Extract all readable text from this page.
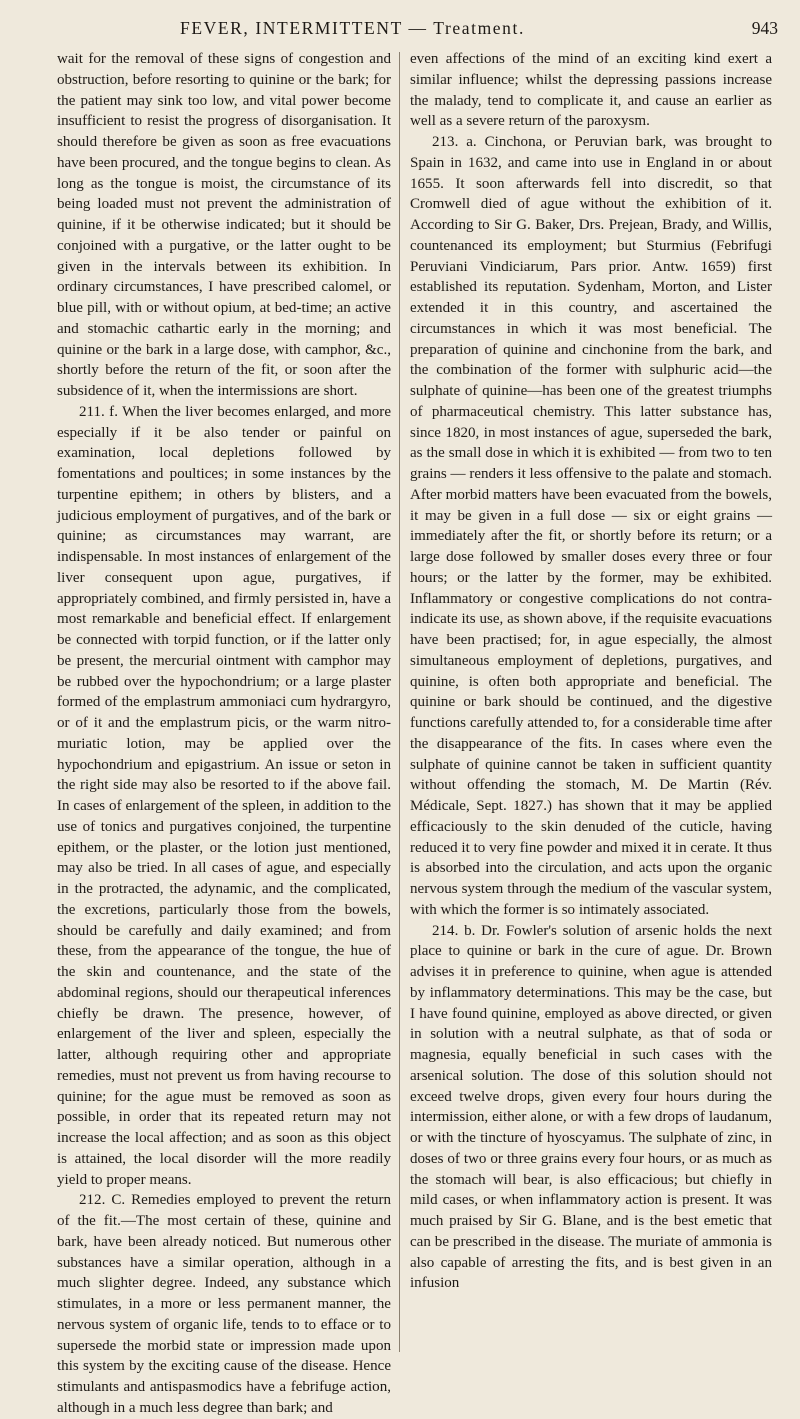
FEVER, INTERMITTENT — Treatment.	943

wait for the removal of these signs of congestion and obstruction, before resorting to quinine or the bark; for the patient may sink too low, and vital power become insufficient to resist the progress of disorganisation. It should therefore be given as soon as free evacuations have been procured, and the tongue begins to clean. As long as the tongue is moist, the circumstance of its being loaded must not prevent the administration of quinine, if it be otherwise indicated; but it should be conjoined with a purgative, or the latter ought to be given in the intervals between its exhibition. In ordinary circumstances, I have prescribed calomel, or blue pill, with or without opium, at bed-time; an active and stomachic cathartic early in the morning; and quinine or the bark in a large dose, with camphor, &c., shortly before the return of the fit, or soon after the subsidence of it, when the intermissions are short.

211. f. When the liver becomes enlarged, and more especially if it be also tender or painful on examination, local depletions followed by fomentations and poultices; in some instances by the turpentine epithem; in others by blisters, and a judicious employment of purgatives, and of the bark or quinine; as circumstances may warrant, are indispensable. In most instances of enlargement of the liver consequent upon ague, purgatives, if appropriately combined, and firmly persisted in, have a most remarkable and beneficial effect. If enlargement be connected with torpid function, or if the latter only be present, the mercurial ointment with camphor may be rubbed over the hypochondrium; or a large plaster formed of the emplastrum ammoniaci cum hydrargyro, or of it and the emplastrum picis, or the warm nitro-muriatic lotion, may be applied over the hypochondrium and epigastrium. An issue or seton in the right side may also be resorted to if the above fail. In cases of enlargement of the spleen, in addition to the use of tonics and purgatives conjoined, the turpentine epithem, or the plaster, or the lotion just mentioned, may also be tried. In all cases of ague, and especially in the protracted, the adynamic, and the complicated, the excretions, particularly those from the bowels, should be carefully and daily examined; and from these, from the appearance of the tongue, the hue of the skin and countenance, and the state of the abdominal regions, should our therapeutical inferences chiefly be drawn. The presence, however, of enlargement of the liver and spleen, especially the latter, although requiring other and appropriate remedies, must not prevent us from having recourse to quinine; for the ague must be removed as soon as possible, in order that its repeated return may not increase the local affection; and as soon as this object is attained, the local disorder will the more readily yield to proper means.

212. C. Remedies employed to prevent the return of the fit.—The most certain of these, quinine and bark, have been already noticed. But numerous other substances have a similar operation, although in a much slighter degree. Indeed, any substance which stimulates, in a more or less permanent manner, the nervous system of organic life, tends to to efface or to supersede the morbid state or impression made upon this system by the exciting cause of the disease. Hence stimulants and antispasmodics have a febrifuge action, although in a much less degree than bark; and

even affections of the mind of an exciting kind exert a similar influence; whilst the depressing passions increase the malady, tend to complicate it, and cause an earlier as well as a severe return of the paroxysm.

213. a. Cinchona, or Peruvian bark, was brought to Spain in 1632, and came into use in England in or about 1655. It soon afterwards fell into discredit, so that Cromwell died of ague without the exhibition of it. According to Sir G. Baker, Drs. Prejean, Brady, and Willis, countenanced its employment; but Sturmius (Febrifugi Peruviani Vindiciarum, Pars prior. Antw. 1659) first established its reputation. Sydenham, Morton, and Lister extended it in this country, and ascertained the circumstances in which it was most beneficial. The preparation of quinine and cinchonine from the bark, and the combination of the former with sulphuric acid—the sulphate of quinine—has been one of the greatest triumphs of pharmaceutical chemistry. This latter substance has, since 1820, in most instances of ague, superseded the bark, as the small dose in which it is exhibited — from two to ten grains — renders it less offensive to the palate and stomach. After morbid matters have been evacuated from the bowels, it may be given in a full dose — six or eight grains — immediately after the fit, or shortly before its return; or a large dose followed by smaller doses every three or four hours; or the latter by the former, may be exhibited. Inflammatory or congestive complications do not contra-indicate its use, as shown above, if the requisite evacuations have been practised; for, in ague especially, the almost simultaneous employment of depletions, purgatives, and quinine, is often both appropriate and beneficial. The quinine or bark should be continued, and the digestive functions carefully attended to, for a considerable time after the disappearance of the fits. In cases where even the sulphate of quinine cannot be taken in sufficient quantity without offending the stomach, M. De Martin (Rév. Médicale, Sept. 1827.) has shown that it may be applied efficaciously to the skin denuded of the cuticle, having reduced it to very fine powder and mixed it in cerate. It thus is absorbed into the circulation, and acts upon the organic nervous system through the medium of the vascular system, with which the former is so intimately associated.

214. b. Dr. Fowler's solution of arsenic holds the next place to quinine or bark in the cure of ague. Dr. Brown advises it in preference to quinine, when ague is attended by inflammatory determinations. This may be the case, but I have found quinine, employed as above directed, or given in solution with a neutral sulphate, as that of soda or magnesia, equally beneficial in such cases with the arsenical solution. The dose of this solution should not exceed twelve drops, given every four hours during the intermission, either alone, or with a few drops of laudanum, or with the tincture of hyoscyamus. The sulphate of zinc, in doses of two or three grains every four hours, or as much as the stomach will bear, is also efficacious; but chiefly in mild cases, or when inflammatory action is present. It was much praised by Sir G. Blane, and is the best emetic that can be prescribed in the disease. The muriate of ammonia is also capable of arresting the fits, and is best given in an infusion
